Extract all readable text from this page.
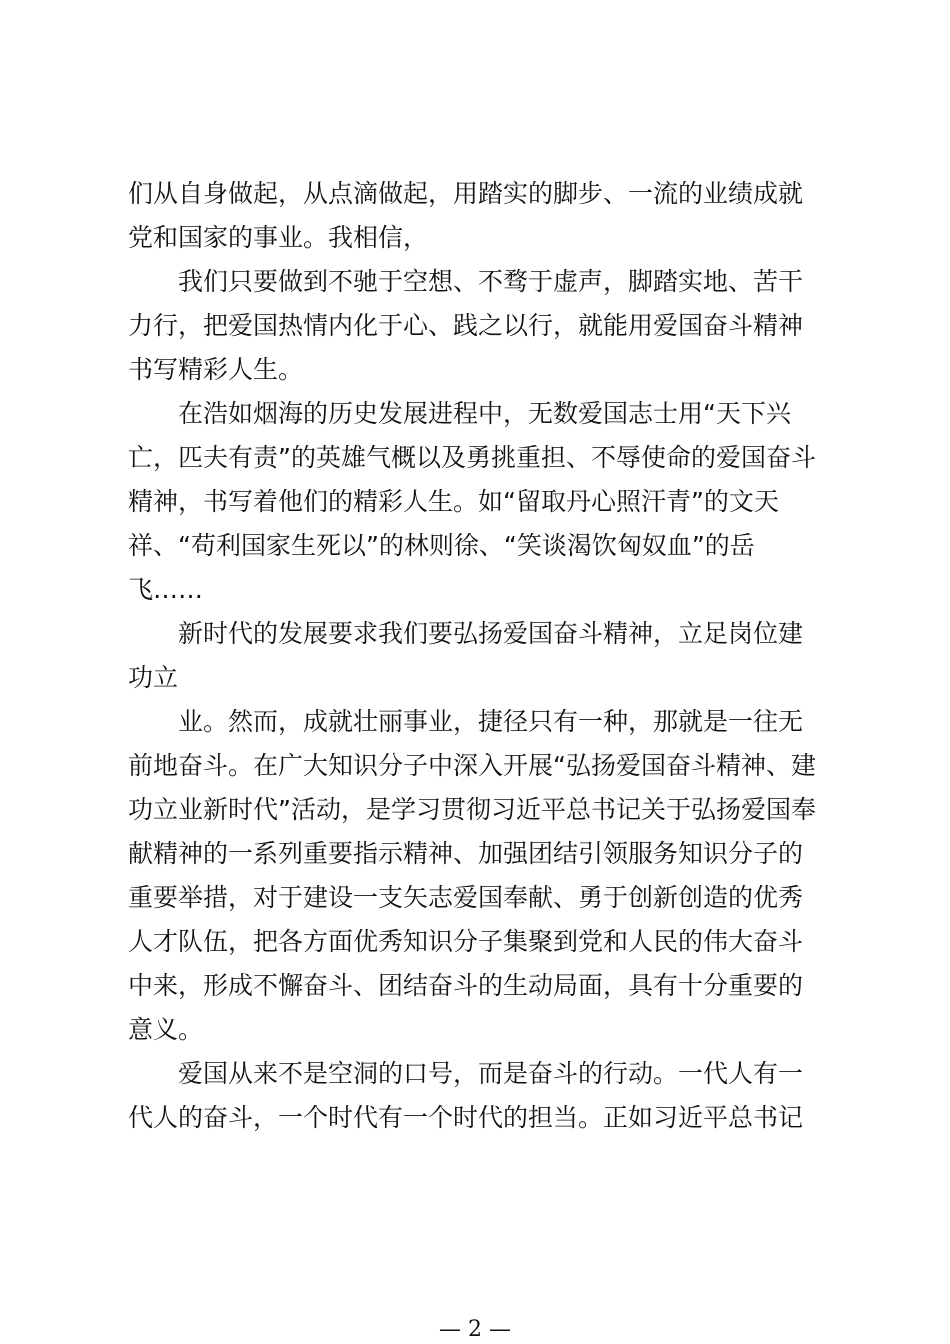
们从自身做起，从点滴做起，用踏实的脚步、一流的业绩成就
党和国家的事业。我相信，
我们只要做到不驰于空想、不骛于虚声，脚踏实地、苦干
力行，把爱国热情内化于心、践之以行，就能用爱国奋斗精神
书写精彩人生。
在浩如烟海的历史发展进程中，无数爱国志士用“天下兴
亡，匹夫有责”的英雄气概以及勇挑重担、不辱使命的爱国奋斗
精神，书写着他们的精彩人生。如“留取丹心照汗青”的文天
祥、“苟利国家生死以”的林则徐、“笑谈渴饮匈奴血”的岳
飞……
新时代的发展要求我们要弘扬爱国奋斗精神，立足岗位建
功立
业。然而，成就壮丽事业，捷径只有一种，那就是一往无
前地奋斗。在广大知识分子中深入开展“弘扬爱国奋斗精神、建
功立业新时代”活动，是学习贯彻习近平总书记关于弘扬爱国奉
献精神的一系列重要指示精神、加强团结引领服务知识分子的
重要举措，对于建设一支矢志爱国奉献、勇于创新创造的优秀
人才队伍，把各方面优秀知识分子集聚到党和人民的伟大奋斗
中来，形成不懈奋斗、团结奋斗的生动局面，具有十分重要的
意义。
爱国从来不是空洞的口号，而是奋斗的行动。一代人有一
代人的奋斗，一个时代有一个时代的担当。正如习近平总书记
— 2 —
